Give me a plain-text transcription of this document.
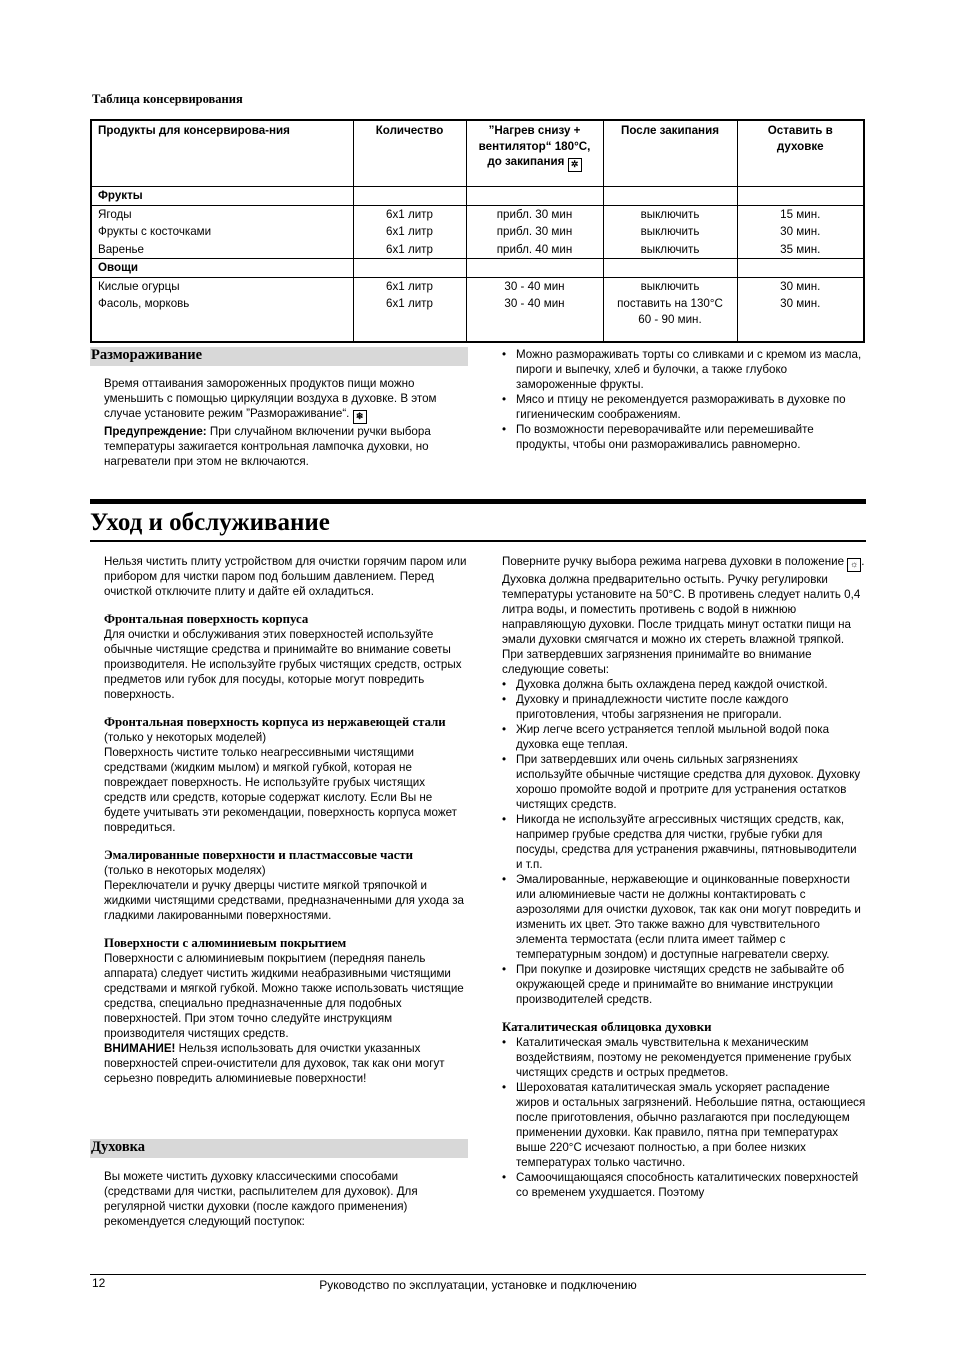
Таблица консервирования
Продукты для консервирова-ния	Количество	”Нагрев снизу + вентилятор“ 180°С, до закипания ✲	После закипания	Оставить в духовке
Фрукты				
Ягоды	6х1 литр	прибл. 30 мин	выключить	15 мин.
Фрукты с косточками	6х1 литр	прибл. 30 мин	выключить	30 мин.
Варенье	6х1 литр	прибл. 40 мин	выключить	35 мин.
Овощи				
Кислые огурцы	6х1 литр	30 - 40 мин	выключить	30 мин.
Фасоль, морковь	6х1 литр	30 - 40 мин	поставить на 130°С 60 - 90 мин.	30 мин.
Размораживание

Время оттаивания замороженных продуктов пищи можно уменьшить с помощью циркуляции воздуха в духовке. В этом случае установите режим ”Размораживание“. ❄

Предупреждение: При случайном включении ручки выбора температуры зажигается контрольная лампочка духовки, но нагреватели при этом не включаются.

• Можно размораживать торты со сливками и с кремом из масла, пироги и выпечку, хлеб и булочки, а также глубоко замороженные фрукты.
• Мясо и птицу не рекомендуется размораживать в духовке по гигиеническим соображениям.
• По возможности переворачивайте или перемешивайте продукты, чтобы они размораживались равномерно.
Уход и обслуживание

Нельзя чистить плиту устройством для очистки горячим паром или прибором для чистки паром под большим давлением. Перед очисткой отключите плиту и дайте ей охладиться.

Фронтальная поверхность корпуса

Для очистки и обслуживания этих поверхностей используйте обычные чистящие средства и принимайте во внимание советы производителя. Не используйте грубых чистящих средств, острых предметов или губок для посуды, которые могут повредить поверхность.

Фронтальная поверхность корпуса из нержавеющей стали

(только у некоторых моделей)

Поверхность чистите только неагрессивными чистящими средствами (жидким мылом) и мягкой губкой, которая не повреждает поверхность. Не используйте грубых чистящих средств или средств, которые содержат кислоту. Если Вы не будете учитывать эти рекомендации, поверхность корпуса может повредиться.

Эмалированные поверхности и пластмассовые части

(только в некоторых моделях)

Переключатели и ручку дверцы чистите мягкой тряпочкой и жидкими чистящими средствами, предназначенными для ухода за гладкими лакированными поверхностями.

Поверхности с алюминиевым покрытием

Поверхности с алюминиевым покрытием (передняя панель аппарата) следует чистить жидкими неабразивными чистящими средствами и мягкой губкой. Можно также использовать чистящие средства, специально предназначенные для подобных поверхностей. При этом точно следуйте инструкциям производителя чистящих средств.

ВНИМАНИЕ! Нельзя использовать для очистки указанных поверхностей спреи-очистители для духовок, так как они могут серьезно повредить алюминиевые поверхности!

Духовка

Вы можете чистить духовку классическими способами (средствами для чистки, распылителем для духовок). Для регулярной чистки духовки (после каждого применения) рекомендуется следующий поступок:

Поверните ручку выбора режима нагрева духовки в положение ☼ . Духовка должна предварительно остыть. Ручку регулировки температуры установите на 50°С. В противень следует налить 0,4 литра воды, и поместить противень с водой в нижнюю направляющую духовки. После тридцать минут остатки пищи на эмали духовки смягчатся и можно их стереть влажной тряпкой.

При затвердевших загрязнения принимайте во внимание следующие советы:

• Духовка должна быть охлаждена перед каждой очисткой.
• Духовку и принадлежности чистите после каждого приготовления, чтобы загрязнения не пригорали.
• Жир легче всего устраняется теплой мыльной водой пока духовка еще теплая.
• При затвердевших или очень сильных загрязнениях используйте обычные чистящие средства для духовок. Духовку хорошо промойте водой и протрите для устранения остатков чистящих средств.
• Никогда не используйте агрессивных чистящих средств, как, например грубые средства для чистки, грубые губки для посуды, средства для устранения ржавчины, пятновыводители и т.п.
• Эмалированные, нержавеющие и оцинкованные поверхности или алюминиевые части не должны контактировать с аэрозолями для очистки духовок, так как они могут повредить и изменить их цвет. Это также важно для чувствительного элемента термостата (если плита имеет таймер с температурным зондом) и доступные нагреватели сверху.
• При покупке и дозировке чистящих средств не забывайте об окружающей среде и принимайте во внимание инструкции производителей средств.
Каталитическая облицовка духовки
• Каталитическая эмаль чувствительна к механическим воздействиям, поэтому не рекомендуется применение грубых чистящих средств и острых предметов.
• Шероховатая каталитическая эмаль ускоряет распадение жиров и остальных загрязнений. Небольшие пятна, остающиеся после приготовления, обычно разлагаются при последующем применении духовки. Как правило, пятна при температурах выше 220°С исчезают полностью, а при более низких температурах только частично.
• Самоочищающаяся способность каталитических поверхностей со временем ухудшается. Поэтому
12	Руководство по эксплуатации, установке и подключению
